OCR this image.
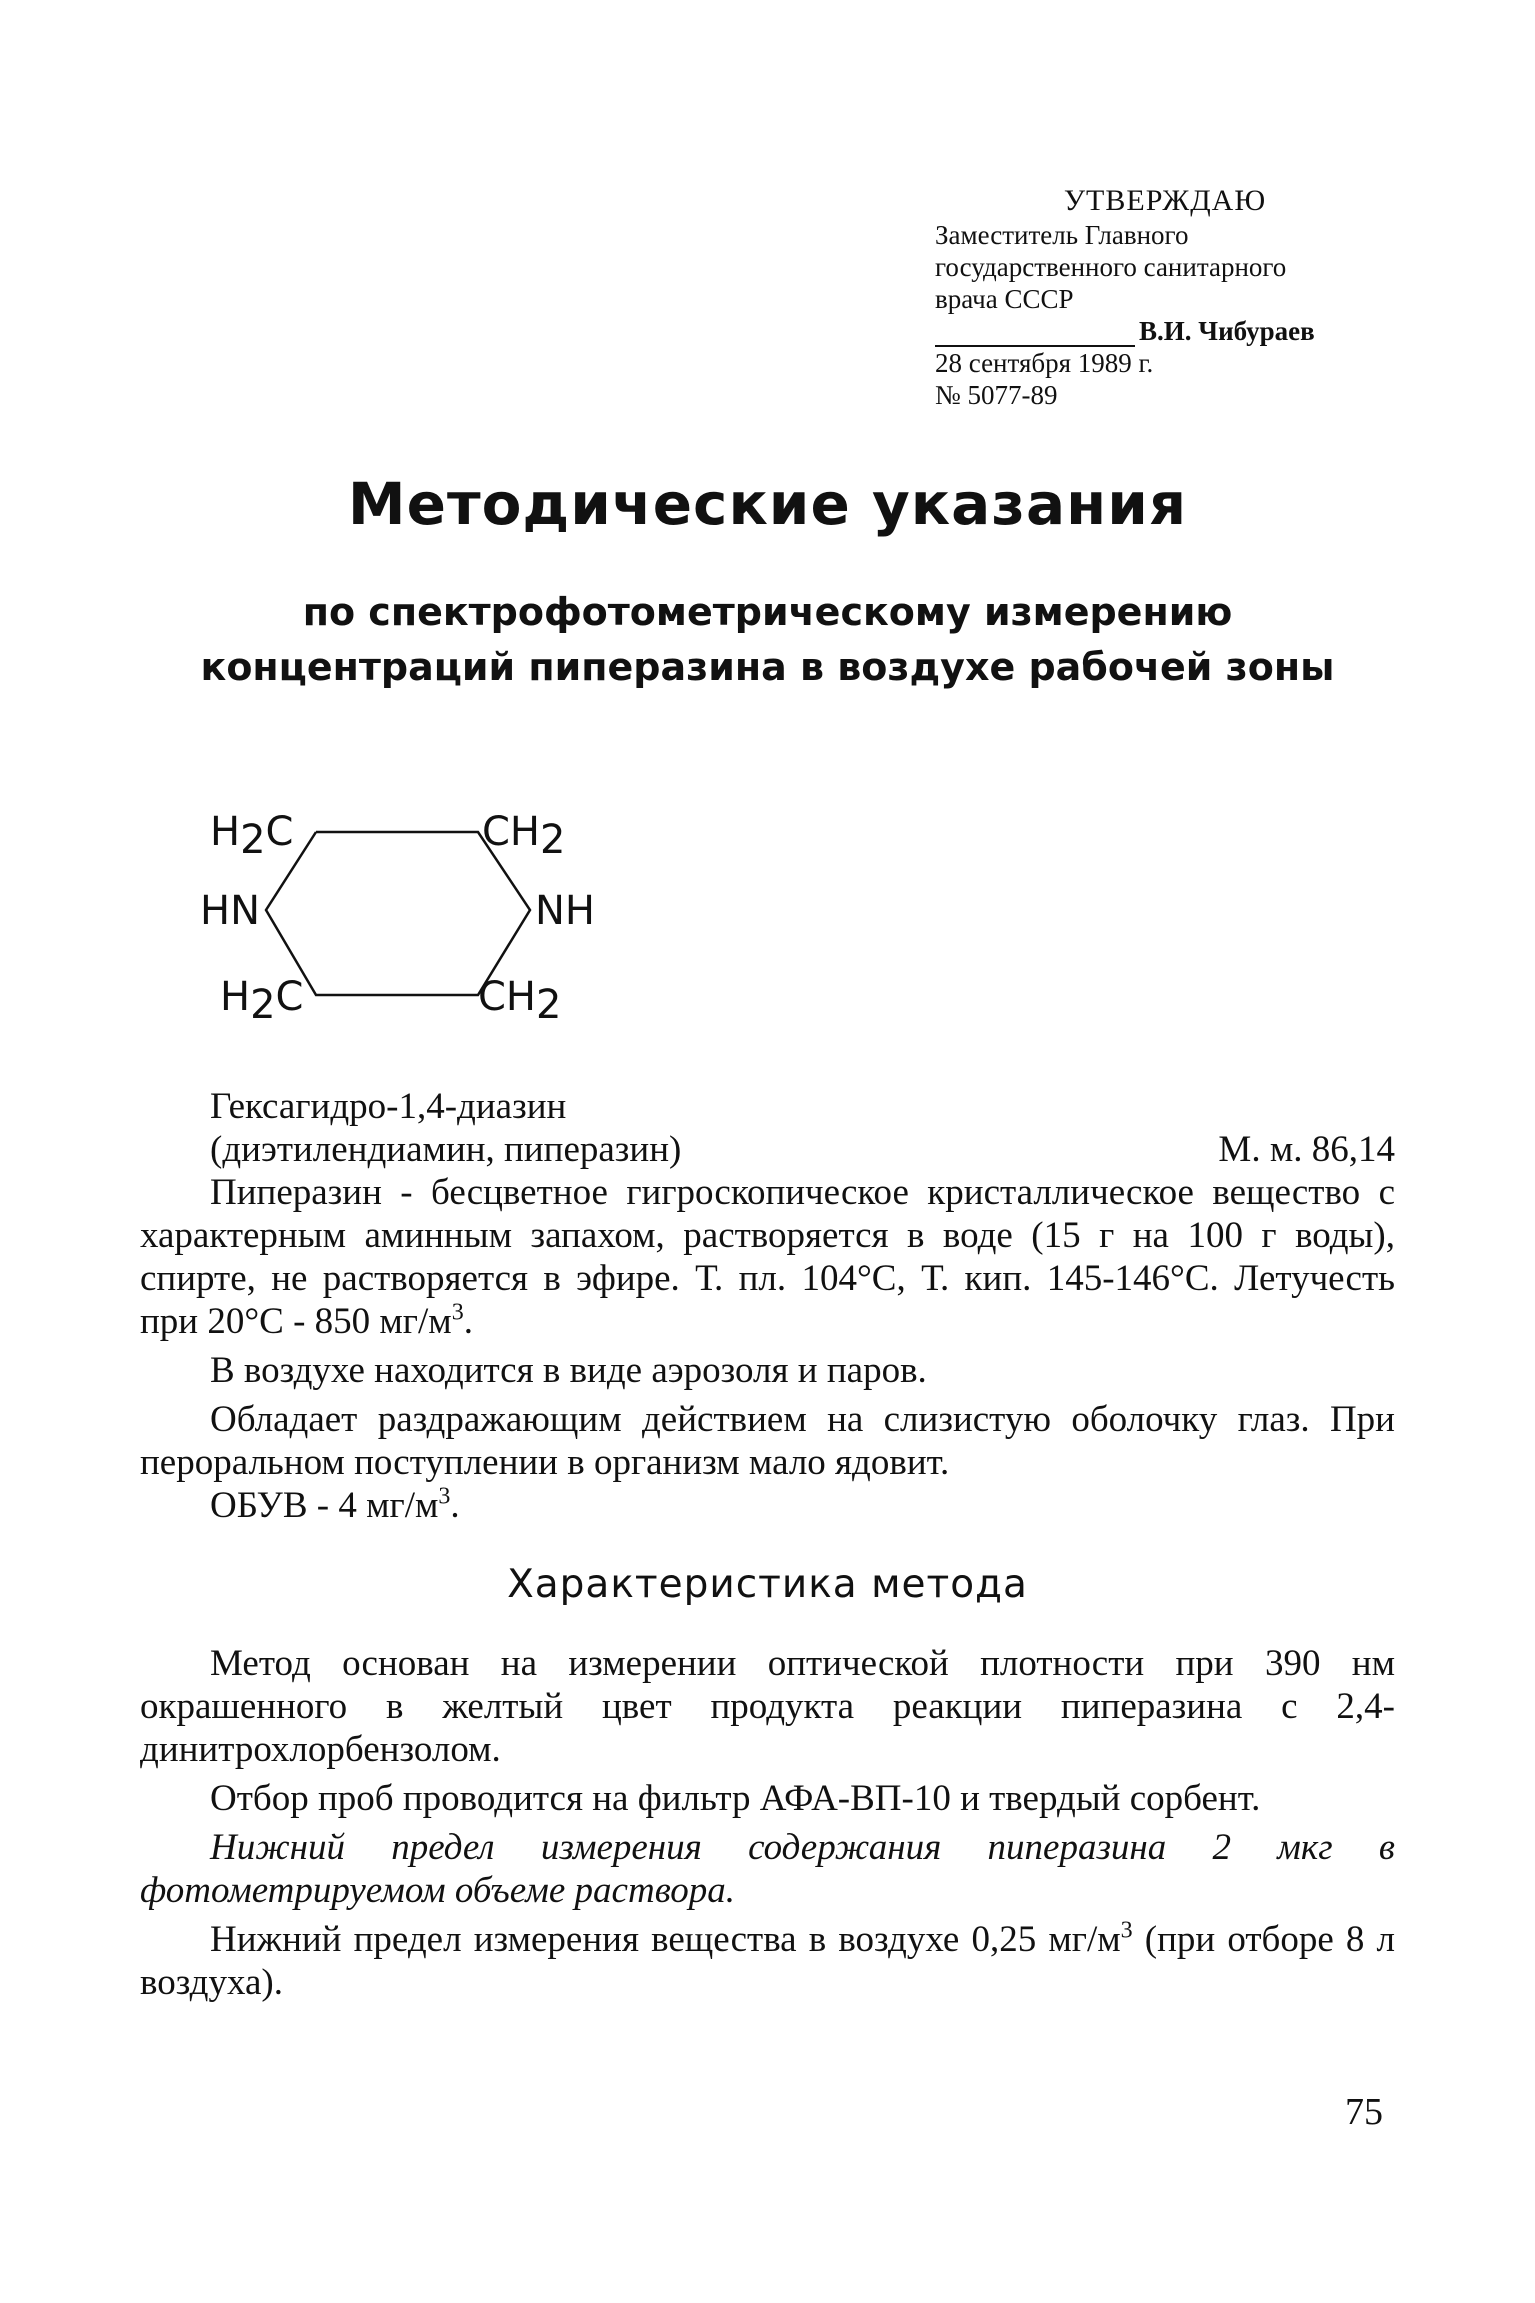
УТВЕРЖДАЮ
Заместитель Главного
государственного санитарного
врача СССР
В.И. Чибураев
28 сентября 1989 г.
№ 5077-89
Методические указания
по спектрофотометрическому измерению
концентраций пиперазина в воздухе рабочей зоны
H2C	CH2
HN	NH
H2C	CH2

Гексагидро-1,4-диазин

(диэтилендиамин, пиперазин)	М. м. 86,14

Пиперазин - бесцветное гигроскопическое кристаллическое вещество с характерным аминным запахом, растворяется в воде (15 г на 100 г воды), спирте, не растворяется в эфире. Т. пл. 104°С, Т. кип. 145-146°С. Летучесть при 20°С - 850 $мг/м^3$.

В воздухе находится в виде аэрозоля и паров.

Обладает раздражающим действием на слизистую оболочку глаз. При пероральном поступлении в организм мало ядовит.

ОБУВ - 4 $мг/м^3$.

Характеристика метода

Метод основан на измерении оптической плотности при 390 нм окрашенного в желтый цвет продукта реакции пиперазина с 2,4-динитрохлорбензолом.

Отбор проб проводится на фильтр АФА-ВП-10 и твердый сорбент.

Нижний предел измерения содержания пиперазина 2 мкг в фотометрируемом объеме раствора.

Нижний предел измерения вещества в воздухе 0,25 $мг/м^3$ (при отборе 8 л воздуха).

75
